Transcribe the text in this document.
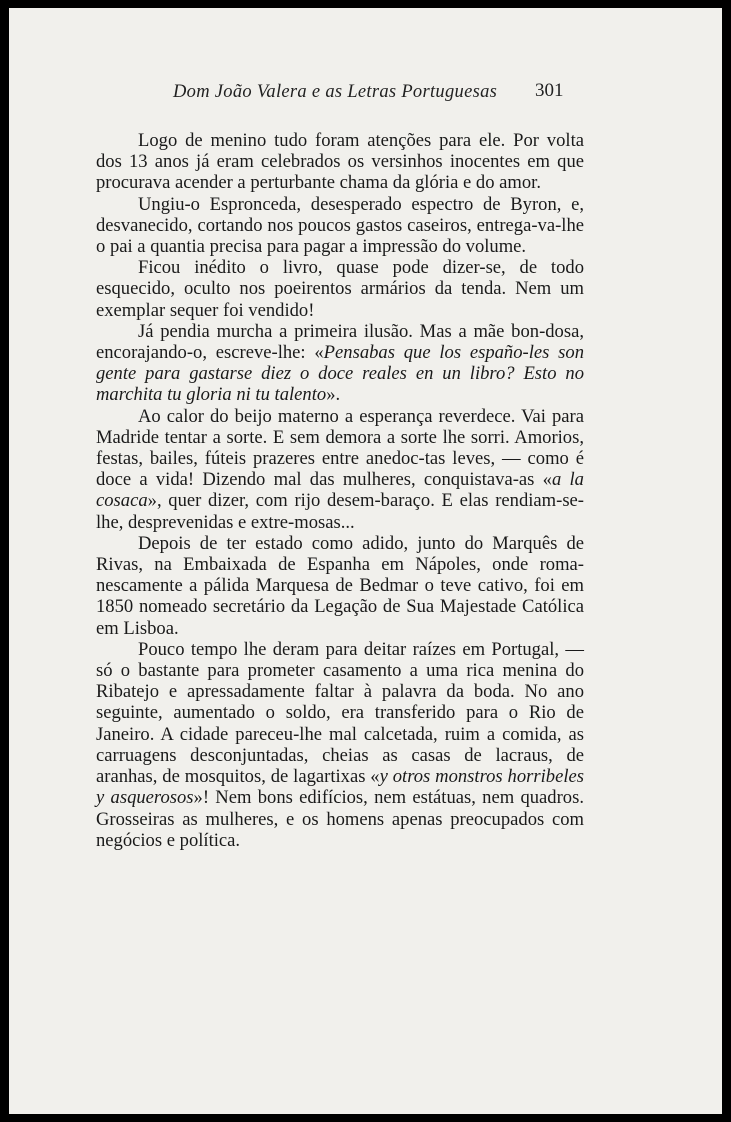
Dom João Valera e as Letras Portuguesas 301

Logo de menino tudo foram atenções para ele. Por volta dos 13 anos já eram celebrados os versinhos inocentes em que procurava acender a perturbante chama da glória e do amor.

Ungiu-o Espronceda, desesperado espectro de Byron, e, desvanecido, cortando nos poucos gastos caseiros, entrega-va-lhe o pai a quantia precisa para pagar a impressão do volume.

Ficou inédito o livro, quase pode dizer-se, de todo esquecido, oculto nos poeirentos armários da tenda. Nem um exemplar sequer foi vendido!

Já pendia murcha a primeira ilusão. Mas a mãe bon-dosa, encorajando-o, escreve-lhe: «Pensabas que los españo-les son gente para gastarse diez o doce reales en un libro? Esto no marchita tu gloria ni tu talento».

Ao calor do beijo materno a esperança reverdece. Vai para Madride tentar a sorte. E sem demora a sorte lhe sorri. Amorios, festas, bailes, fúteis prazeres entre anedoc-tas leves, — como é doce a vida! Dizendo mal das mulheres, conquistava-as «a la cosaca», quer dizer, com rijo desem-baraço. E elas rendiam-se-lhe, desprevenidas e extre-mosas...

Depois de ter estado como adido, junto do Marquês de Rivas, na Embaixada de Espanha em Nápoles, onde roma-nescamente a pálida Marquesa de Bedmar o teve cativo, foi em 1850 nomeado secretário da Legação de Sua Majestade Católica em Lisboa.

Pouco tempo lhe deram para deitar raízes em Portugal, — só o bastante para prometer casamento a uma rica menina do Ribatejo e apressadamente faltar à palavra da boda. No ano seguinte, aumentado o soldo, era transferido para o Rio de Janeiro. A cidade pareceu-lhe mal calcetada, ruim a comida, as carruagens desconjuntadas, cheias as casas de lacraus, de aranhas, de mosquitos, de lagartixas «y otros monstros horribeles y asquerosos»! Nem bons edifícios, nem estátuas, nem quadros. Grosseiras as mulheres, e os homens apenas preocupados com negócios e política.
